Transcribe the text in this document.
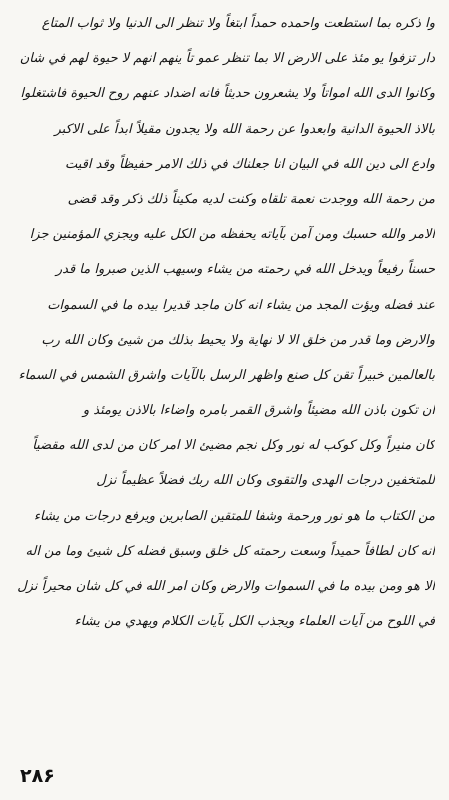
وا ذكره بما استطعت واحمده حمداً ابتغاً ولا تنظر الى الدنيا ولا ثواب المتاع
دار تزفوا يو مئذ على الارض الا بما تنظر عمو تاً ينهم انهم لا حيوة لهم في شان
وكانوا الدى الله امواتاً ولا يشعرون حديثاً فانه اضداد عنهم روح الحيوة فاشتغلوا
بالاذ الحيوة الدانية وابعدوا عن رحمة الله ولا يجدون مقيلاً ابداً على الاكبر
وادع الى دين الله في البيان انا جعلناك في ذلك الامر حفيظاً وقد اقيت
من رحمة الله ووجدت نعمة تلقاه وكنت لديه مكيناً ذلك ذكر وقد قضى
الامر والله حسبك ومن آمن بآياته يحفظه من الكل عليه ويجزي المؤمنين جزا
حسناً رفيعاً ويدخل الله في رحمته من يشاء وسيهب الذين صبروا ما قدر
عند فضله ويؤت المجد من يشاء انه كان ماجد قديرا بيده ما في السموات
والارض وما قدر من خلق الا لا نهاية ولا يحيط بذلك من شيئ وكان الله رب
بالعالمين خبيراً تقن كل صنع واظهر الرسل بالآيات واشرق الشمس في السماء
ان تكون باذن الله مضيئاً واشرق القمر بامره واضاءا بالاذن يومئذ و
كان منيراً وكل كوكب له نور وكل نجم مضيئ الا امر كان من لدى الله مقضياً
للمتخفين درجات الهدى والتقوى وكان الله ربك فضلاً عظيماً نزل
من الكتاب ما هو نور ورحمة وشفا للمتقين الصابرين ويرفع درجات من يشاء
انه كان لطافاً حميداً وسعت رحمته كل خلق وسبق فضله كل شيئ وما من اله
الا هو ومن بيده ما في السموات والارض وكان امر الله في كل شان محيراً نزل
في اللوح من آيات العلماء ويجذب الكل بآيات الكلام ويهدي من يشاء
۲۸۶
